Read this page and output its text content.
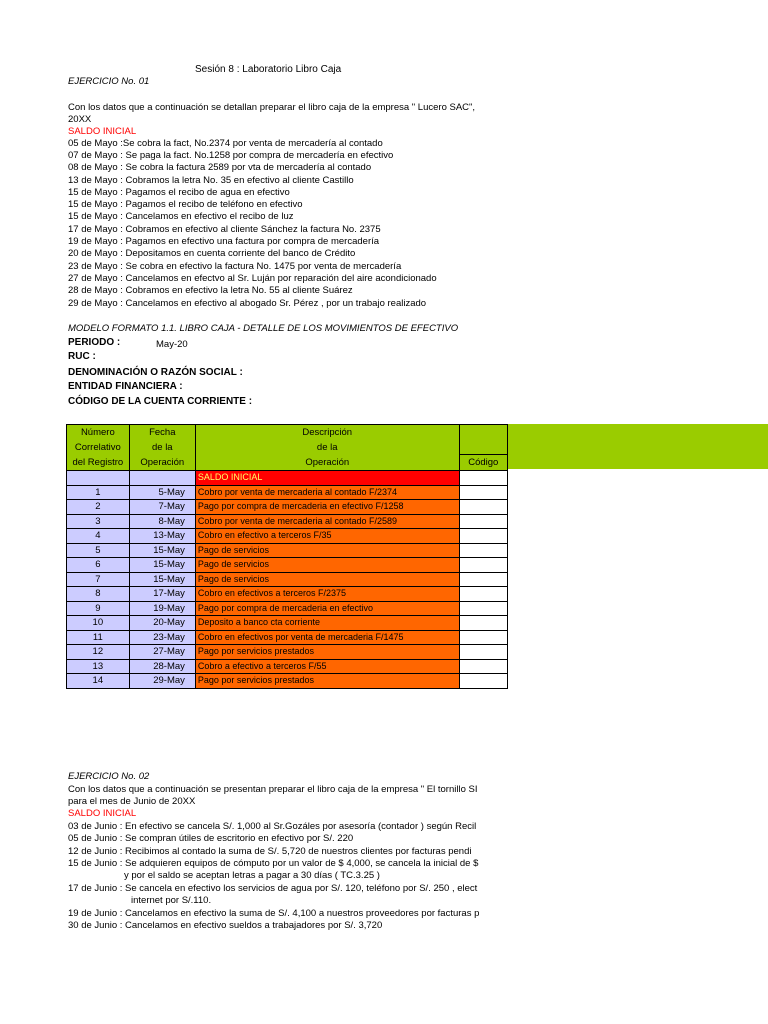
Sesión 8 : Laboratorio Libro Caja
EJERCICIO No. 01
Con los datos que a continuación se detallan preparar el libro caja de la empresa " Lucero SAC",
20XX
SALDO INICIAL
05 de Mayo :Se cobra la fact, No.2374 por venta de mercadería al contado
07 de Mayo : Se paga la fact. No.1258 por compra de mercadería en efectivo
08 de Mayo : Se cobra la factura 2589 por vta de mercadería al contado
13 de Mayo : Cobramos la letra No. 35 en efectivo al cliente Castillo
15 de Mayo : Pagamos el recibo de agua en efectivo
15 de Mayo : Pagamos el recibo de teléfono en efectivo
15 de Mayo : Cancelamos en efectivo el recibo de luz
17 de Mayo : Cobramos en efectivo al cliente Sánchez la factura No. 2375
19 de Mayo : Pagamos en efectivo una factura por compra de mercadería
20 de Mayo : Depositamos en cuenta corriente del banco de Crédito
23 de Mayo : Se cobra en efectivo la factura No. 1475 por venta de mercadería
27 de Mayo : Cancelamos en efectvo al Sr. Luján por reparación del aire acondicionado
28 de Mayo : Cobramos en efectivo la letra No. 55 al cliente Suárez
29 de Mayo : Cancelamos en efectivo al abogado Sr. Pérez , por un trabajo realizado
MODELO FORMATO 1.1. LIBRO CAJA - DETALLE DE LOS MOVIMIENTOS DE EFECTIVO
PERIODO :	May-20
RUC :
DENOMINACIÓN O RAZÓN SOCIAL :
ENTIDAD FINANCIERA :
CÓDIGO DE LA CUENTA CORRIENTE :
Número
Correlativo
del Registro	Fecha
de la
Operación	Descripción
de la
Operación	
			Código
		SALDO INICIAL	
1	5-May	Cobro por venta de mercaderia al contado F/2374	
2	7-May	Pago por compra de mercaderia en efectivo F/1258	
3	8-May	Cobro por venta de mercaderia al contado F/2589	
4	13-May	Cobro en efectivo a terceros F/35	
5	15-May	Pago de servicios	
6	15-May	Pago de servicios	
7	15-May	Pago de servicios	
8	17-May	Cobro en efectivos a terceros F/2375	
9	19-May	Pago por compra de mercaderia en efectivo	
10	20-May	Deposito a banco cta corriente	
11	23-May	Cobro en efectivos por venta de mercaderia F/1475	
12	27-May	Pago por servicios prestados	
13	28-May	Cobro a efectivo a terceros F/55	
14	29-May	Pago por servicios prestados	
EJERCICIO No. 02
Con los datos que a continuación se presentan preparar el libro caja de la empresa " El tornillo SI
para el mes de Junio de 20XX
SALDO INICIAL
03 de Junio : En efectivo se cancela S/. 1,000 al Sr.Gozáles por asesoría (contador ) según Recil
05 de Junio : Se compran útiles de escritorio en efectivo por S/. 220
12 de Junio : Recibimos al contado la suma de S/. 5,720 de nuestros clientes por facturas pendi
15 de Junio : Se adquieren equipos de cómputo por un valor de $ 4,000, se cancela la inicial de $
y por el saldo se aceptan letras a pagar a 30 días ( TC.3.25 )
17 de Junio : Se cancela en efectivo los servicios de agua por S/. 120, teléfono por S/. 250 , elect
internet por S/.110.
19 de Junio : Cancelamos en efectivo la suma de S/. 4,100 a nuestros proveedores por facturas p
30 de Junio : Cancelamos en efectivo sueldos a trabajadores por S/. 3,720
